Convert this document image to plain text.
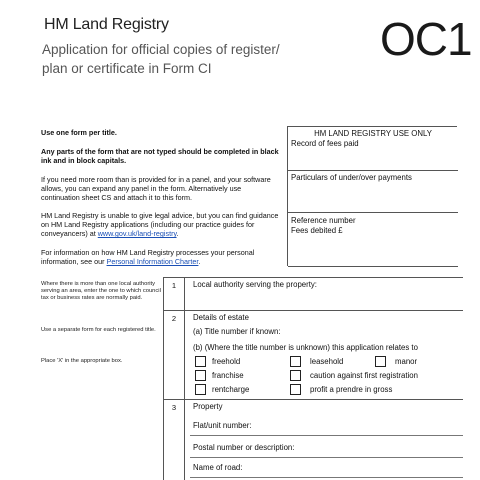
HM Land Registry
Application for official copies of register/
plan or certificate in Form CI
OC1
Use one form per title.
Any parts of the form that are not typed should be completed in black ink and in block capitals.
If you need more room than is provided for in a panel, and your software allows, you can expand any panel in the form. Alternatively use continuation sheet CS and attach it to this form.
HM Land Registry is unable to give legal advice, but you can find guidance on HM Land Registry applications (including our practice guides for conveyancers) at www.gov.uk/land-registry.
For information on how HM Land Registry processes your personal information, see our Personal Information Charter.
HM LAND REGISTRY USE ONLY
Record of fees paid
Particulars of under/over payments
Reference number
Fees debited £
Where there is more than one local authority serving an area, enter the one to which council tax or business rates are normally paid.
Use a separate form for each registered title.
Place 'X' in the appropriate box.
1	Local authority serving the property:
2	Details of estate
(a) Title number if known:
(b) (Where the title number is unknown) this application relates to
freehold	leasehold	manor
franchise	caution against first registration
rentcharge	profit a prendre in gross
3	Property
Flat/unit number:
Postal number or description:
Name of road:
